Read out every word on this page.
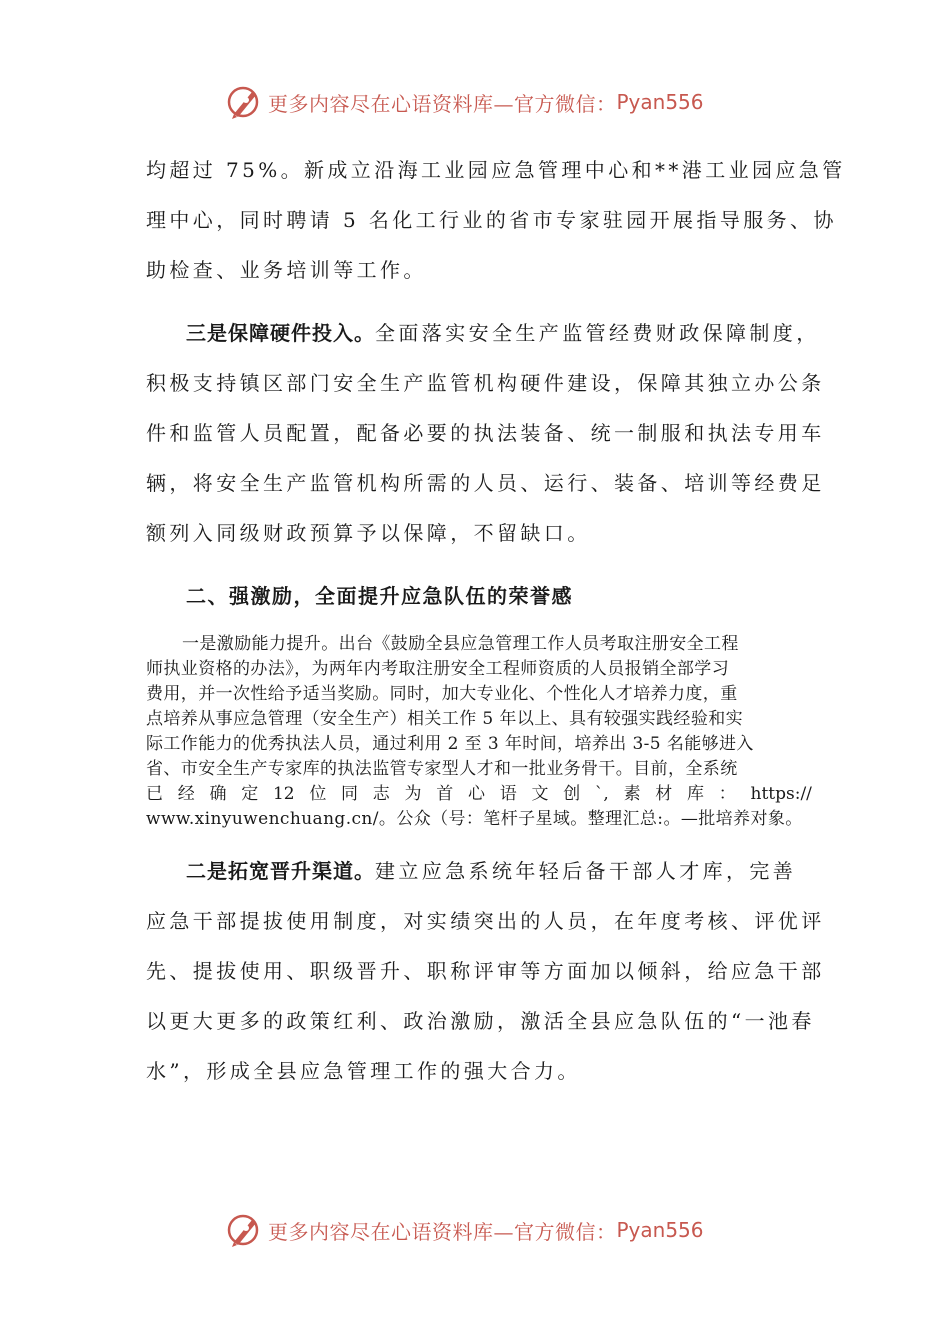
更多内容尽在心语资料库—官方微信： Pyan556
均超过 75%。新成立沿海工业园应急管理中心和**港工业园应急管
理中心，同时聘请 5 名化工行业的省市专家驻园开展指导服务、协
助检查、业务培训等工作。
三是保障硬件投入。全面落实安全生产监管经费财政保障制度，
积极支持镇区部门安全生产监管机构硬件建设，保障其独立办公条
件和监管人员配置，配备必要的执法装备、统一制服和执法专用车
辆，将安全生产监管机构所需的人员、运行、装备、培训等经费足
额列入同级财政预算予以保障，不留缺口。
二、强激励，全面提升应急队伍的荣誉感
一是激励能力提升。出台《鼓励全县应急管理工作人员考取注册安全工程
师执业资格的办法》，为两年内考取注册安全工程师资质的人员报销全部学习
费用，并一次性给予适当奖励。同时，加大专业化、个性化人才培养力度，重
点培养从事应急管理（安全生产）相关工作 5 年以上、具有较强实践经验和实
际工作能力的优秀执法人员，通过利用 2 至 3 年时间，培养出 3-5 名能够进入
省、市安全生产专家库的执法监管专家型人才和一批业务骨干。目前，全系统
已 经 确 定 12 位 同 志 为 首 心 语 文 创 `, 素 材 库 ： https://
www.xinyuwenchuang.cn/。公众（号：笔杆子星域。整理汇总:。—批培养对象。
二是拓宽晋升渠道。建立应急系统年轻后备干部人才库，完善
应急干部提拔使用制度，对实绩突出的人员，在年度考核、评优评
先、提拔使用、职级晋升、职称评审等方面加以倾斜，给应急干部
以更大更多的政策红利、政治激励，激活全县应急队伍的“一池春
水”，形成全县应急管理工作的强大合力。
更多内容尽在心语资料库—官方微信： Pyan556
